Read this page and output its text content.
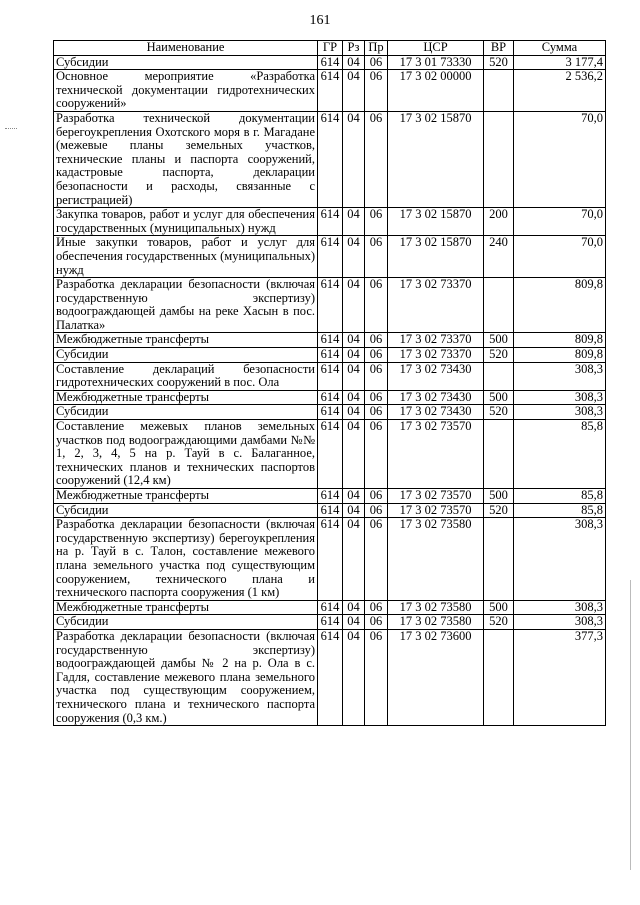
161
Наименование	ГР	Рз	Пр	ЦСР	ВР	Сумма
Субсидии	614	04	06	17 3 01 73330	520	3 177,4
Основное мероприятие «Разработка технической документации гидротехнических сооружений»	614	04	06	17 3 02 00000		2 536,2
Разработка технической документации берегоукрепления Охотского моря в г. Магадане (межевые планы земельных участков, технические планы и паспорта сооружений, кадастровые паспорта, декларации безопасности и расходы, связанные с регистрацией)	614	04	06	17 3 02 15870		70,0
Закупка товаров, работ и услуг для обеспечения государственных (муниципальных) нужд	614	04	06	17 3 02 15870	200	70,0
Иные закупки товаров, работ и услуг для обеспечения государственных (муниципальных) нужд	614	04	06	17 3 02 15870	240	70,0
Разработка декларации безопасности (включая государственную экспертизу) водоограждающей дамбы на реке Хасын в пос. Палатка»	614	04	06	17 3 02 73370		809,8
Межбюджетные трансферты	614	04	06	17 3 02 73370	500	809,8
Субсидии	614	04	06	17 3 02 73370	520	809,8
Составление деклараций безопасности гидротехнических сооружений в пос. Ола	614	04	06	17 3 02 73430		308,3
Межбюджетные трансферты	614	04	06	17 3 02 73430	500	308,3
Субсидии	614	04	06	17 3 02 73430	520	308,3
Составление межевых планов земельных участков под водоограждающими дамбами №№ 1, 2, 3, 4, 5 на р. Тауй в с. Балаганное, технических планов и технических паспортов сооружений (12,4 км)	614	04	06	17 3 02 73570		85,8
Межбюджетные трансферты	614	04	06	17 3 02 73570	500	85,8
Субсидии	614	04	06	17 3 02 73570	520	85,8
Разработка декларации безопасности (включая государственную экспертизу) берегоукрепления на р. Тауй в с. Талон, составление межевого плана земельного участка под существующим сооружением, технического плана и технического паспорта сооружения (1 км)	614	04	06	17 3 02 73580		308,3
Межбюджетные трансферты	614	04	06	17 3 02 73580	500	308,3
Субсидии	614	04	06	17 3 02 73580	520	308,3
Разработка декларации безопасности (включая государственную экспертизу) водоограждающей дамбы № 2 на р. Ола в с. Гадля, составление межевого плана земельного участка под существующим сооружением, технического плана и технического паспорта сооружения (0,3 км.)	614	04	06	17 3 02 73600		377,3
